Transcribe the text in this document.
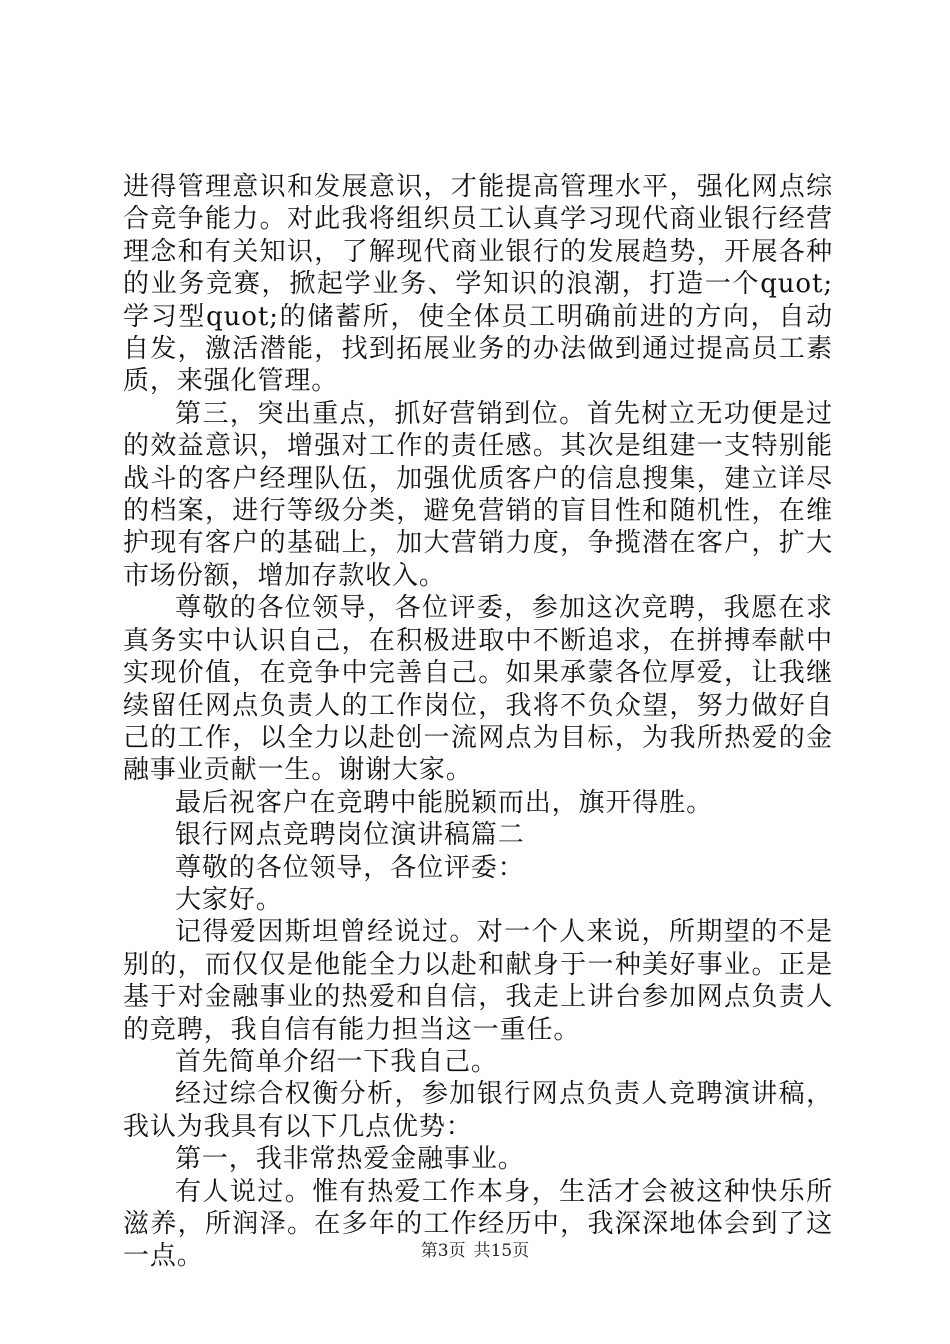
进得管理意识和发展意识，才能提高管理水平，强化网点综合竞争能力。对此我将组织员工认真学习现代商业银行经营理念和有关知识，了解现代商业银行的发展趋势，开展各种的业务竞赛，掀起学业务、学知识的浪潮，打造一个quot;学习型quot;的储蓄所，使全体员工明确前进的方向，自动自发，激活潜能，找到拓展业务的办法做到通过提高员工素质，来强化管理。

第三，突出重点，抓好营销到位。首先树立无功便是过的效益意识，增强对工作的责任感。其次是组建一支特别能战斗的客户经理队伍，加强优质客户的信息搜集，建立详尽的档案，进行等级分类，避免营销的盲目性和随机性，在维护现有客户的基础上，加大营销力度，争揽潜在客户，扩大市场份额，增加存款收入。

尊敬的各位领导，各位评委，参加这次竞聘，我愿在求真务实中认识自己，在积极进取中不断追求，在拼搏奉献中实现价值，在竞争中完善自己。如果承蒙各位厚爱，让我继续留任网点负责人的工作岗位，我将不负众望，努力做好自己的工作，以全力以赴创一流网点为目标，为我所热爱的金融事业贡献一生。谢谢大家。

最后祝客户在竞聘中能脱颖而出，旗开得胜。

银行网点竞聘岗位演讲稿篇二

尊敬的各位领导，各位评委：

大家好。

记得爱因斯坦曾经说过。对一个人来说，所期望的不是别的，而仅仅是他能全力以赴和献身于一种美好事业。正是基于对金融事业的热爱和自信，我走上讲台参加网点负责人的竞聘，我自信有能力担当这一重任。

首先简单介绍一下我自己。

经过综合权衡分析，参加银行网点负责人竞聘演讲稿，我认为我具有以下几点优势：

第一，我非常热爱金融事业。

有人说过。惟有热爱工作本身，生活才会被这种快乐所滋养，所润泽。在多年的工作经历中，我深深地体会到了这一点。	第3页 共15页
